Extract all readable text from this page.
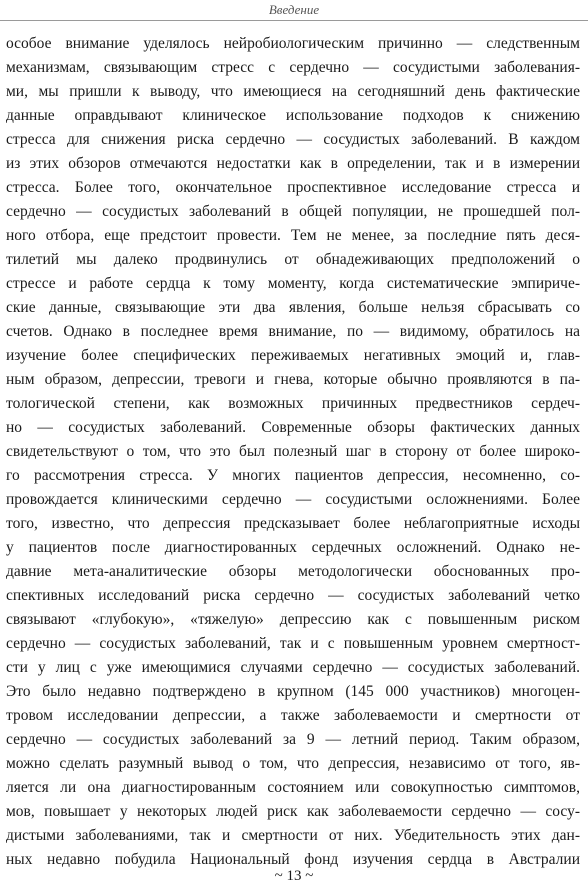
Введение
особое внимание уделялось нейробиологическим причинно — следственным
механизмам, связывающим стресс с сердечно — сосудистыми заболевания-
ми, мы пришли к выводу, что имеющиеся на сегодняшний день фактические
данные оправдывают клиническое использование подходов к снижению
стресса для снижения риска сердечно — сосудистых заболеваний. В каждом
из этих обзоров отмечаются недостатки как в определении, так и в измерении
стресса. Более того, окончательное проспективное исследование стресса и
сердечно — сосудистых заболеваний в общей популяции, не прошедшей пол-
ного отбора, еще предстоит провести. Тем не менее, за последние пять деся-
тилетий мы далеко продвинулись от обнадеживающих предположений о
стрессе и работе сердца к тому моменту, когда систематические эмпириче-
ские данные, связывающие эти два явления, больше нельзя сбрасывать со
счетов. Однако в последнее время внимание, по — видимому, обратилось на
изучение более специфических переживаемых негативных эмоций и, глав-
ным образом, депрессии, тревоги и гнева, которые обычно проявляются в па-
тологической степени, как возможных причинных предвестников сердеч-
но — сосудистых заболеваний. Современные обзоры фактических данных
свидетельствуют о том, что это был полезный шаг в сторону от более широко-
го рассмотрения стресса. У многих пациентов депрессия, несомненно, со-
провождается клиническими сердечно — сосудистыми осложнениями. Более
того, известно, что депрессия предсказывает более неблагоприятные исходы
у пациентов после диагностированных сердечных осложнений. Однако не-
давние мета-аналитические обзоры методологически обоснованных про-
спективных исследований риска сердечно — сосудистых заболеваний четко
связывают «глубокую», «тяжелую» депрессию как с повышенным риском
сердечно — сосудистых заболеваний, так и с повышенным уровнем смертност-
сти у лиц с уже имеющимися случаями сердечно — сосудистых заболеваний.
Это было недавно подтверждено в крупном (145 000 участников) многоцен-
тровом исследовании депрессии, а также заболеваемости и смертности от
сердечно — сосудистых заболеваний за 9 — летний период. Таким образом,
можно сделать разумный вывод о том, что депрессия, независимо от того, яв-
ляется ли она диагностированным состоянием или совокупностью симптомов,
мов, повышает у некоторых людей риск как заболеваемости сердечно — сосу-
дистыми заболеваниями, так и смертности от них. Убедительность этих дан-
ных недавно побудила Национальный фонд изучения сердца в Австралии
~ 13 ~
